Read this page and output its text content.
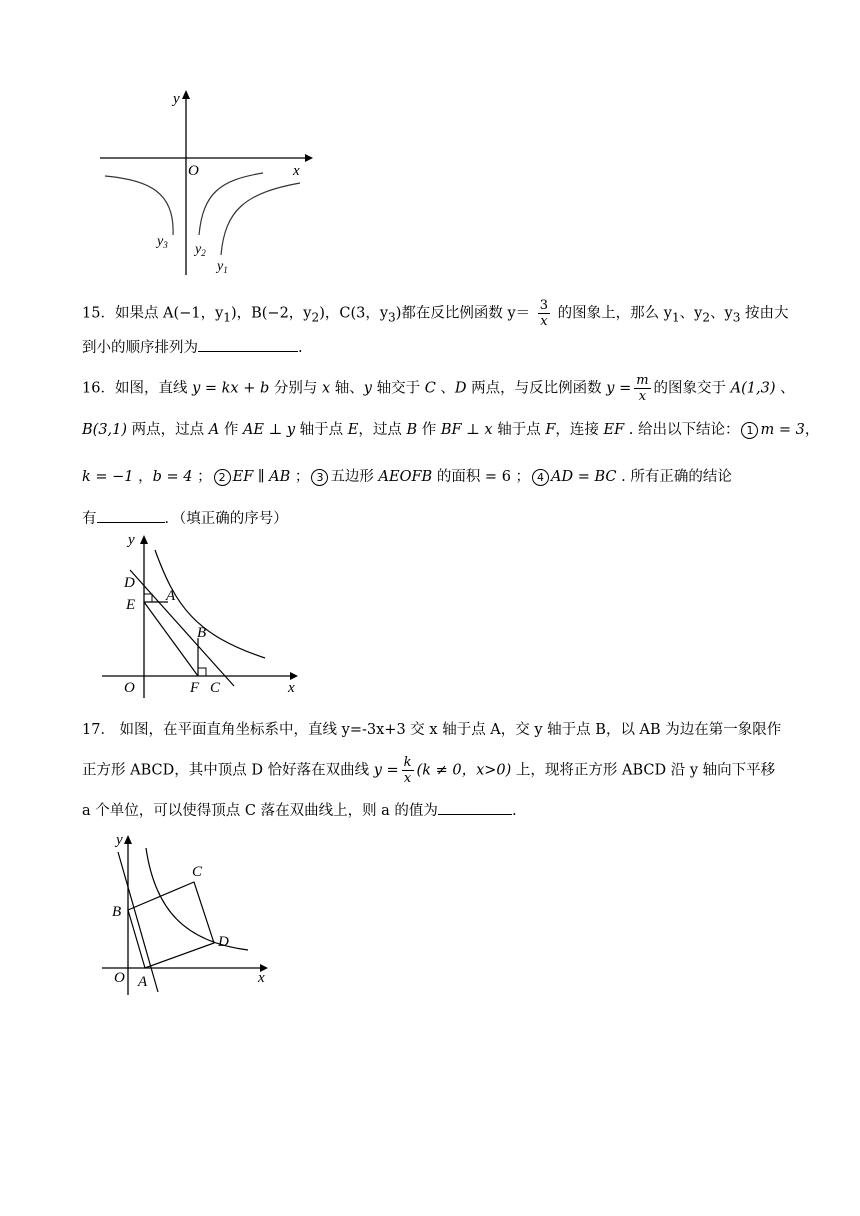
y
x
O
$y_3$ $y_2$
$y_1$
15．如果点 A(−1，$y_1$)，B(−2，$y_2$)，C(3，$y_3$)都在反比例函数 $y= \frac{3}{x}$ 的图象上，那么 $y_1$、$y_2$、$y_3$ 按由大
到小的顺序排列为	.
16．如图，直线 y = kx + b 分别与 x 轴、y 轴交于 C 、D 两点，与反比例函数 $y = \frac{m}{x}$ 的图象交于 A(1,3) 、
B(3,1) 两点，过点 A 作 AE ⊥ y 轴于点 E，过点 B 作 BF ⊥ x 轴于点 F，连接 EF . 给出以下结论： 1 m = 3，
k = −1 ，b = 4 ； 2 EF ∥ AB ； 3 五边形 AEOFB 的面积 = 6 ； 4 AD = BC . 所有正确的结论
有	．（填正确的序号）
y
x
O
D
E
A
B
F C
17． 如图，在平面直角坐标系中，直线 y=-3x+3 交 x 轴于点 A，交 y 轴于点 B，以 AB 为边在第一象限作
正方形 ABCD，其中顶点 D 恰好落在双曲线 $y = \frac{k}{x} (k \ne 0$，x>0) 上，现将正方形 ABCD 沿 y 轴向下平移
a 个单位，可以使得顶点 C 落在双曲线上，则 a 的值为	.
y
x
O
B
C
D
A
